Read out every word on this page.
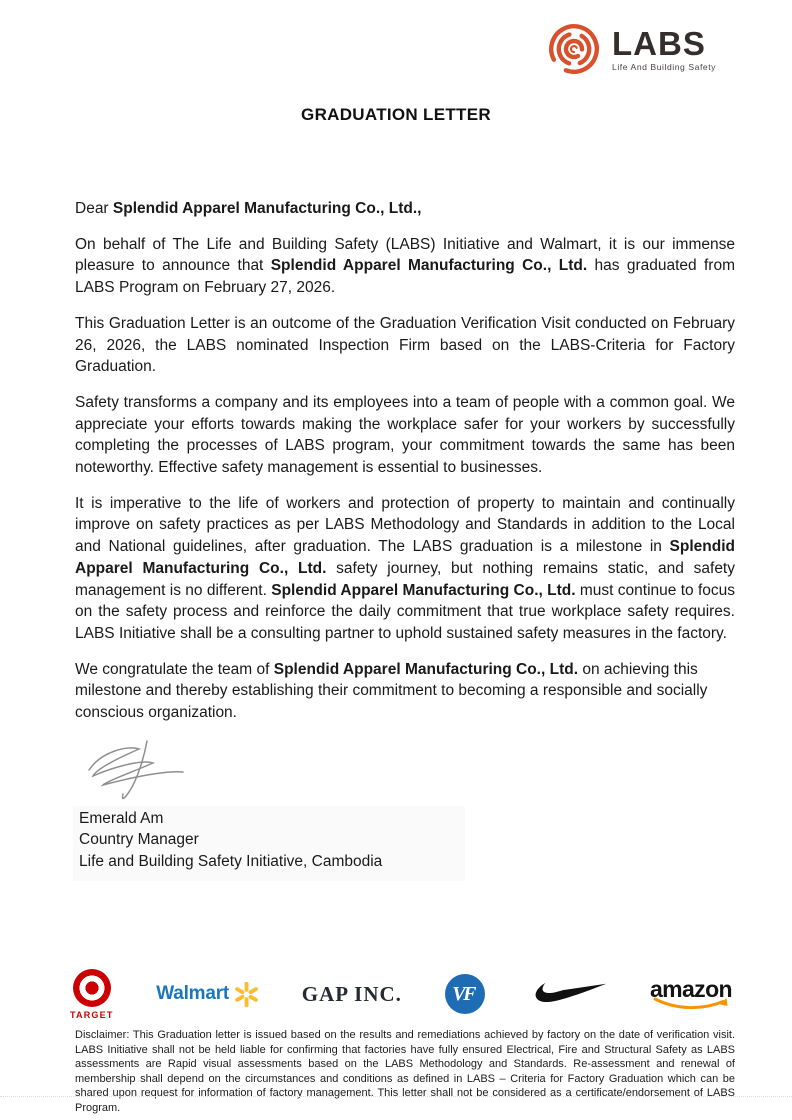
LABS
Life And Building Safety
GRADUATION LETTER

Dear Splendid Apparel Manufacturing Co., Ltd.,

On behalf of The Life and Building Safety (LABS) Initiative and Walmart, it is our immense pleasure to announce that Splendid Apparel Manufacturing Co., Ltd. has graduated from LABS Program on February 27, 2026.

This Graduation Letter is an outcome of the Graduation Verification Visit conducted on February 26, 2026, the LABS nominated Inspection Firm based on the LABS-Criteria for Factory Graduation.

Safety transforms a company and its employees into a team of people with a common goal. We appreciate your efforts towards making the workplace safer for your workers by successfully completing the processes of LABS program, your commitment towards the same has been noteworthy. Effective safety management is essential to businesses.

It is imperative to the life of workers and protection of property to maintain and continually improve on safety practices as per LABS Methodology and Standards in addition to the Local and National guidelines, after graduation. The LABS graduation is a milestone in Splendid Apparel Manufacturing Co., Ltd. safety journey, but nothing remains static, and safety management is no different. Splendid Apparel Manufacturing Co., Ltd. must continue to focus on the safety process and reinforce the daily commitment that true workplace safety requires. LABS Initiative shall be a consulting partner to uphold sustained safety measures in the factory.

We congratulate the team of Splendid Apparel Manufacturing Co., Ltd. on achieving this milestone and thereby establishing their commitment to becoming a responsible and socially conscious organization.

Emerald Am
Country Manager
Life and Building Safety Initiative, Cambodia
TARGET
Walmart	GAP INC.	VF	amazon

Disclaimer: This Graduation letter is issued based on the results and remediations achieved by factory on the date of verification visit. LABS Initiative shall not be held liable for confirming that factories have fully ensured Electrical, Fire and Structural Safety as LABS assessments are Rapid visual assessments based on the LABS Methodology and Standards. Re-assessment and renewal of membership shall depend on the circumstances and conditions as defined in LABS – Criteria for Factory Graduation which can be shared upon request for information of factory management. This letter shall not be considered as a certificate/endorsement of LABS Program.
